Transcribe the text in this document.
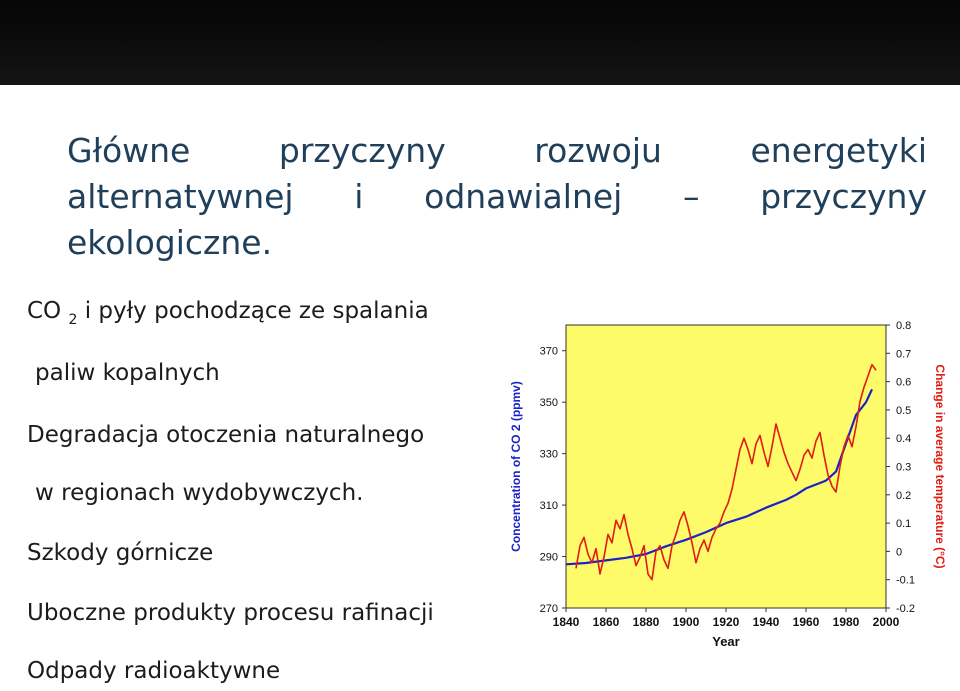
Główne przyczyny rozwoju energetyki
alternatywnej i odnawialnej – przyczyny
ekologiczne.
CO $_2$ i pyły pochodzące ze spalania
paliw kopalnych
Degradacja otoczenia naturalnego
w regionach wydobywczych.
Szkody górnicze
Uboczne produkty procesu rafinacji
Odpady radioaktywne
1840 1860 1880 1900 1920 1940 1960 1980 2000
270
290
310
330
350
370
-0.2
-0.1
0
0.1
0.2
0.3
0.4
0.5
0.6
0.7
0.8
Year
Concentration of CO 2 (ppmv)	Change in average temperature (°C)
